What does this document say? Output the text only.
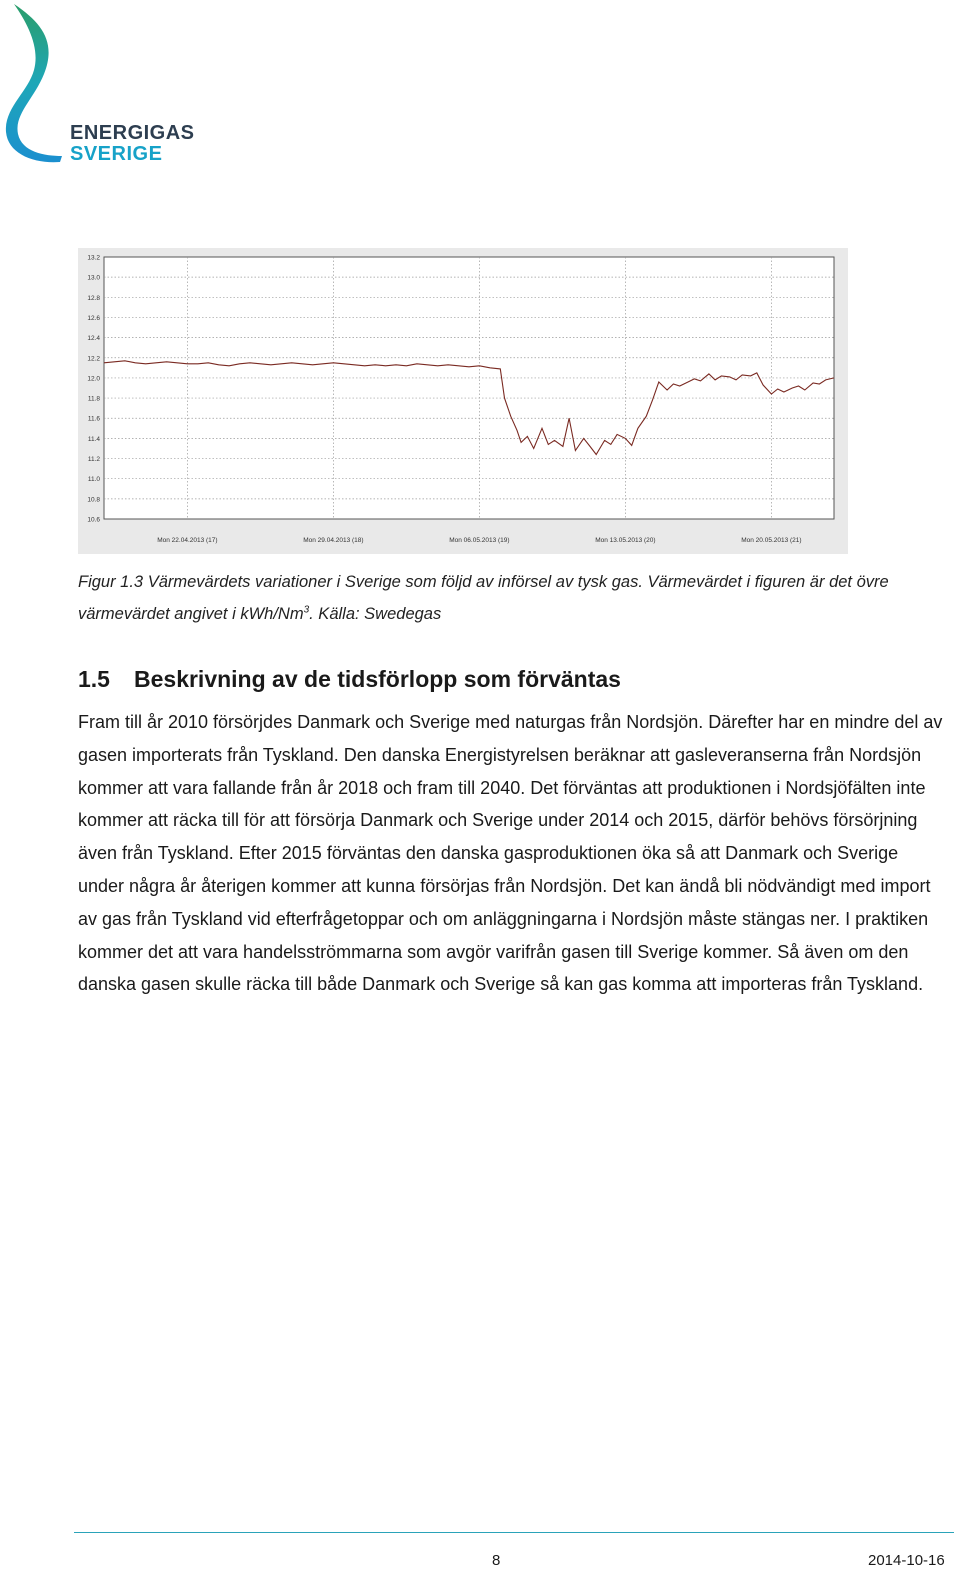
ENERGIGAS
SVERIGE
13.2
13.0
12.8
12.6
12.4
12.2
12.0
11.8
11.6
11.4
11.2
11.0
10.8
10.6
Mon 22.04.2013 (17)	Mon 29.04.2013 (18)	Mon 06.05.2013 (19)	Mon 13.05.2013 (20)	Mon 20.05.2013 (21)
Figur 1.3 Värmevärdets variationer i Sverige som följd av införsel av tysk gas. Värmevärdet i figuren är det övre värmevärdet angivet i kWh/Nm$^3$. Källa: Swedegas
1.5 Beskrivning av de tidsförlopp som förväntas
Fram till år 2010 försörjdes Danmark och Sverige med naturgas från Nordsjön. Därefter har en mindre del av gasen importerats från Tyskland. Den danska Energistyrelsen beräknar att gasleveranserna från Nordsjön kommer att vara fallande från år 2018 och fram till 2040. Det förväntas att produktionen i Nordsjöfälten inte kommer att räcka till för att försörja Danmark och Sverige under 2014 och 2015, därför behövs försörjning även från Tyskland. Efter 2015 förväntas den danska gasproduktionen öka så att Danmark och Sverige under några år återigen kommer att kunna försörjas från Nordsjön. Det kan ändå bli nödvändigt med import av gas från Tyskland vid efterfrågetoppar och om anläggningarna i Nordsjön måste stängas ner. I praktiken kommer det att vara handelsströmmarna som avgör varifrån gasen till Sverige kommer. Så även om den danska gasen skulle räcka till både Danmark och Sverige så kan gas komma att importeras från Tyskland.
8	2014-10-16
